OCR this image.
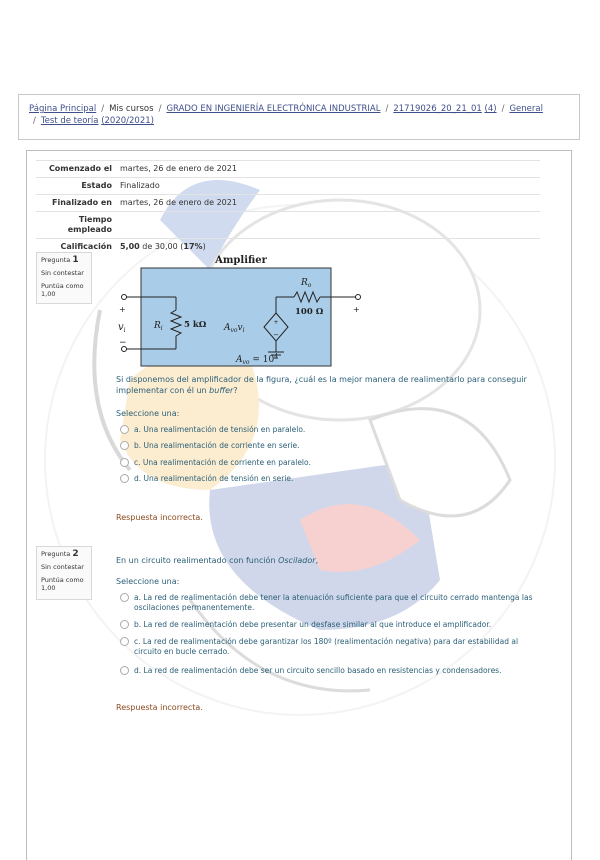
Página Principal / Mis cursos / GRADO EN INGENIERÍA ELECTRÓNICA INDUSTRIAL / 21719026_20_21_01 (4) / General
/ Test de teoría (2020/2021)
Comenzado el	martes, 26 de enero de 2021
Estado	Finalizado
Finalizado en	martes, 26 de enero de 2021
Tiempo empleado	
Calificación	5,00 de 30,00 (17%)
Pregunta 1
Sin contestar
Puntúa como 1,00
Amplifier
+
−
$v_i$	$R_i$	5 kΩ	+
−
$A_{vo}v_i$
+
$R_o$
100 Ω
$A_{vo} = 10^4$
Si disponemos del amplificador de la figura, ¿cuál es la mejor manera de realimentarlo para conseguir implementar con él un buffer?
Seleccione una:
a. Una realimentación de tensión en paralelo.
b. Una realimentación de corriente en serie.
c. Una realimentación de corriente en paralelo.
d. Una realimentación de tensión en serie.
Respuesta incorrecta.
Pregunta 2
Sin contestar
Puntúa como 1,00
En un circuito realimentado con función Oscilador,
Seleccione una:
a. La red de realimentación debe tener la atenuación suficiente para que el circuito cerrado mantenga las oscilaciones permanentemente.
b. La red de realimentación debe presentar un desfase similar al que introduce el amplificador.
c. La red de realimentación debe garantizar los 180º (realimentación negativa) para dar estabilidad al circuito en bucle cerrado.
d. La red de realimentación debe ser un circuito sencillo basado en resistencias y condensadores.
Respuesta incorrecta.
